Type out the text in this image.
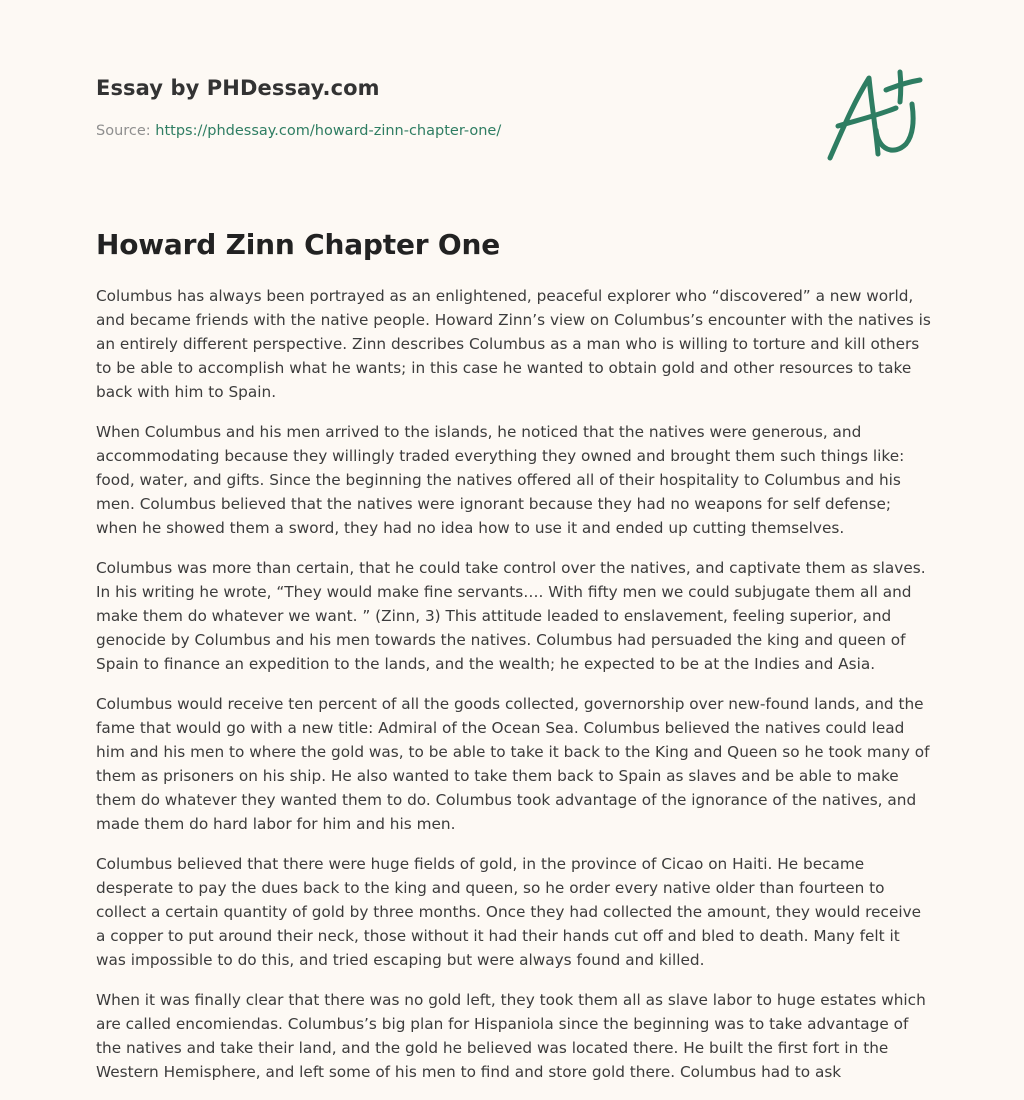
Essay by PHDessay.com
Source: https://phdessay.com/howard-zinn-chapter-one/
Howard Zinn Chapter One

Columbus has always been portrayed as an enlightened, peaceful explorer who “discovered” a new world, and became friends with the native people. Howard Zinn’s view on Columbus’s encounter with the natives is an entirely different perspective. Zinn describes Columbus as a man who is willing to torture and kill others to be able to accomplish what he wants; in this case he wanted to obtain gold and other resources to take back with him to Spain.

When Columbus and his men arrived to the islands, he noticed that the natives were generous, and accommodating because they willingly traded everything they owned and brought them such things like: food, water, and gifts. Since the beginning the natives offered all of their hospitality to Columbus and his men. Columbus believed that the natives were ignorant because they had no weapons for self defense; when he showed them a sword, they had no idea how to use it and ended up cutting themselves.

Columbus was more than certain, that he could take control over the natives, and captivate them as slaves. In his writing he wrote, “They would make fine servants…. With fifty men we could subjugate them all and make them do whatever we want. ” (Zinn, 3) This attitude leaded to enslavement, feeling superior, and genocide by Columbus and his men towards the natives. Columbus had persuaded the king and queen of Spain to finance an expedition to the lands, and the wealth; he expected to be at the Indies and Asia.

Columbus would receive ten percent of all the goods collected, governorship over new-found lands, and the fame that would go with a new title: Admiral of the Ocean Sea. Columbus believed the natives could lead him and his men to where the gold was, to be able to take it back to the King and Queen so he took many of them as prisoners on his ship. He also wanted to take them back to Spain as slaves and be able to make them do whatever they wanted them to do. Columbus took advantage of the ignorance of the natives, and made them do hard labor for him and his men.

Columbus believed that there were huge fields of gold, in the province of Cicao on Haiti. He became desperate to pay the dues back to the king and queen, so he order every native older than fourteen to collect a certain quantity of gold by three months. Once they had collected the amount, they would receive a copper to put around their neck, those without it had their hands cut off and bled to death. Many felt it was impossible to do this, and tried escaping but were always found and killed.

When it was finally clear that there was no gold left, they took them all as slave labor to huge estates which are called encomiendas. Columbus’s big plan for Hispaniola since the beginning was to take advantage of the natives and take their land, and the gold he believed was located there. He built the first fort in the Western Hemisphere, and left some of his men to find and store gold there. Columbus had to ask
